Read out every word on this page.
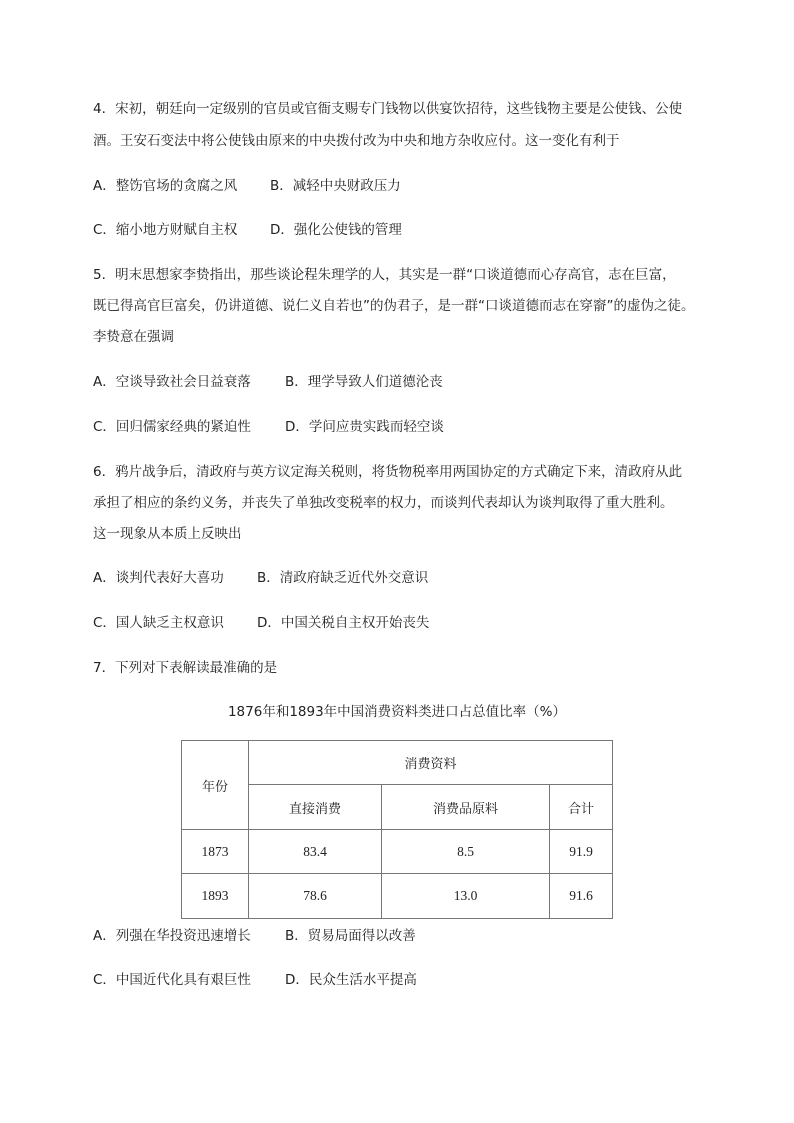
4．宋初，朝廷向一定级别的官员或官衙支赐专门钱物以供宴饮招待，这些钱物主要是公使钱、公使
酒。王安石变法中将公使钱由原来的中央拨付改为中央和地方杂收应付。这一变化有利于
A．整饬官场的贪腐之风 B．减轻中央财政压力
C．缩小地方财赋自主权 D．强化公使钱的管理
5．明末思想家李贽指出，那些谈论程朱理学的人，其实是一群“口谈道德而心存高官，志在巨富，
既已得高官巨富矣，仍讲道德、说仁义自若也”的伪君子，是一群“口谈道德而志在穿窬”的虚伪之徒。
李贽意在强调
A．空谈导致社会日益衰落	B．理学导致人们道德沦丧
C．回归儒家经典的紧迫性	D．学问应贵实践而轻空谈
6．鸦片战争后，清政府与英方议定海关税则，将货物税率用两国协定的方式确定下来，清政府从此
承担了相应的条约义务，并丧失了单独改变税率的权力，而谈判代表却认为谈判取得了重大胜利。
这一现象从本质上反映出
A．谈判代表好大喜功 B．清政府缺乏近代外交意识
C．国人缺乏主权意识 D．中国关税自主权开始丧失
7．下列对下表解读最准确的是
1876年和1893年中国消费资料类进口占总值比率（%）
年份	消费资料		
	直接消费	消费品原料	合计
1873	83.4	8.5	91.9
1893	78.6	13.0	91.6
A．列强在华投资迅速增长	B．贸易局面得以改善
C．中国近代化具有艰巨性	D．民众生活水平提高
